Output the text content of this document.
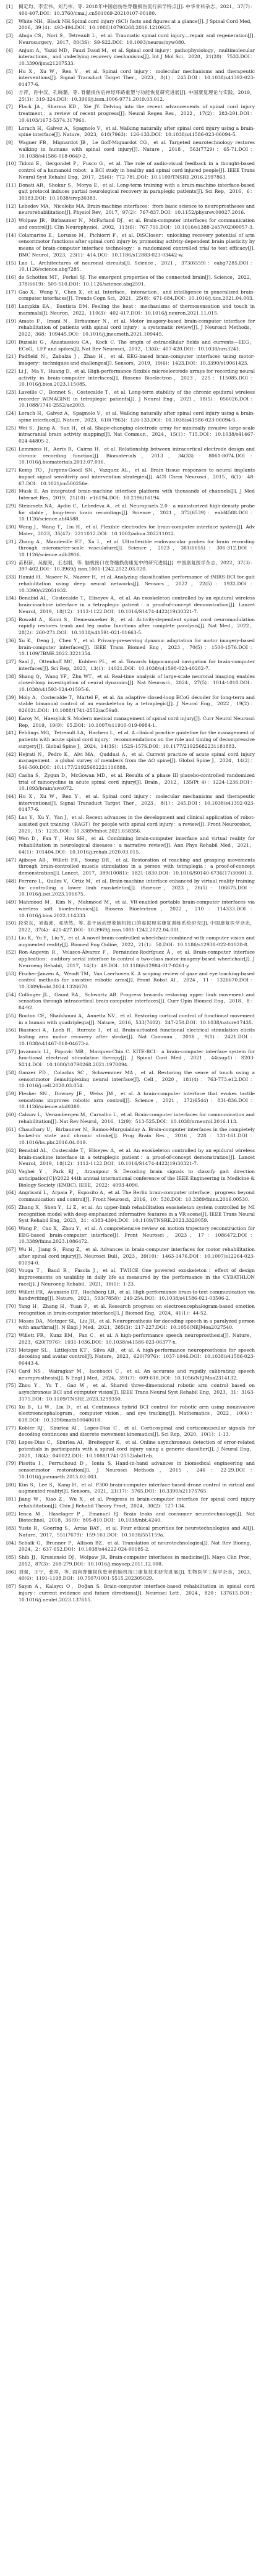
[1]	揭定均，李宏伟，刘乃伟，等. 2018年中国创伤性脊髓损伤流行病学特点[J]. 中华骨科杂志，2021，37(7)：401-407.DOI：10.3760/cma.j.cn501069-20210107-00180.
[2]	White NH，Black NH.Spinal cord injury (SCI) facts and figures at a glance[J]. J Spinal Cord Med，2016，39 (4)：493-494.DOI：10.1080/10790268.2016.1210925.
[3]	Ahuja CS，Nori S，Tetreault L，et al. Traumatic spinal cord injury—repair and regeneration[J]. Neurosurgery，2017，80(3S)：S9-S22.DOI：10.1093/neuros/nyw080.
[4]	Anjum A，Yazid MD，Fauzi Daud M，et al. Spinal cord injury：pathophysiology，multimolecular interactions，and underlying recovery mechanisms[J]. Int J Mol Sci，2020，21(20)：7533.DOI：10.3390/ijms21207533.
[5]	Hu X，Xu W，Ren Y，et al. Spinal cord injury：molecular mechanisms and therapeutic interventions[J]. Signal Transduct Target Ther，2023，8(1)：245.DOI：10.1038/s41392-023-01477-6.
[6]	方萍，肖中汉，孔晓璐，等. 脊髓损伤后神经环路重塑与功能恢复研究进展[J]. 中国康复理论与实践，2019，25(3)：319-324.DOI：10.3969/j.issn.1006-9771.2019.03.012.
[7]	Flack JA，Sharma KD，Xie JY. Delving into the recent advancements of spinal cord injury treatment：a review of recent progress[J]. Neural Regen Res，2022，17(2)：283-291.DOI：10.4103/1673-5374.317961.
[8]	Lorach H，Galvez A，Spagnolo V，et al. Walking naturally after spinal cord injury using a brain-spine interface[J]. Nature，2023，618(7963)：126-133.DOI：10.1038/s41586-023-06094-5.
[9]	Wagner FB，Mignardot JB，Le Goff-Mignardot CG，et al. Targeted neurotechnology restores walking in humans with spinal cord injury[J]. Nature，2018，563(7729)：65-71.DOI：10.1038/s41586-018-0649-2.
[10] Tidoni E，Gergondet P，Fusco G，et al. The role of audio-visual feedback in a thought-based control of a humanoid robot：a BCI study in healthy and spinal cord injured people[J]. IEEE Trans Neural Syst Rehabil Eng，2017，25(6)：772-781.DOI：10.1109/TNSRE.2016.2597863.
[11] Donati AR，Shokur S，Morya E，et al. Long-term training with a brain-machine interface-based gait protocol induces partial neurological recovery in paraplegic patients[J]. Sci Rep，2016，6：30383.DOI：10.1038/srep30383.
[12] Lebedev MA，Nicolelis MA. Brain-machine interfaces：from basic science to neuroprostheses and neurorehabilitation[J]. Physiol Rev，2017，97(2)：767-837.DOI：10.1152/physrev.00027.2016.
[13] Wolpaw JR，Birbaumer N，McFarland DJ，et al. Brain-computer interfaces for communication and control[J]. Clin Neurophysiol，2002，113(6)：767-791.DOI：10.1016/s1388-2457(02)00057-3.
[14] Colamarino E，Lorusso M，Pichiorri F，et al. DiSCIoser：unlocking recovery potential of arm sensorimotor functions after spinal cord injury by promoting activity-dependent brain plasticity by means of brain-computer interface technology：a randomized controlled trial to test efficacy[J]. BMC Neurol，2023，23(1)：414.DOI：10.1186/s12883-023-03442-w.
[15] Luo L. Architectures of neuronal circuits[J]. Science，2021，373(6559)：eabg7285.DOI：10.1126/science.abg7285.
[16] de Schotten MT，Forkel SJ. The emergent properties of the connected brain[J]. Science，2022，378(6619)：505-510.DOI：10.1126/science.abq2591.
[17] Gao X，Wang Y，Chen X，et al. Interface，interaction，and intelligence in generalized brain-computer interfaces[J]. Trends Cogn Sci，2021，25(8)：671-684.DOI：10.1016/j.tics.2021.04.003.
[18] Lumpkin EA，Bautista DM. Feeling the heat：mechanisms of thermosensation and touch in mammals[J]. Neuron，2022，110(3)：402-417.DOI：10.1016/j.neuron.2021.11.015.
[19] Amato F，Imani N，Birbaumer N，et al. Motor imagery-based brain-computer interface for rehabilitation of patients with spinal cord injury：a systematic review[J]. J Neurosci Methods，2022，368：109445.DOI：10.1016/j.jneumeth.2021.109445.
[20] Buzsáki G，Anastassiou CA，Koch C. The origin of extracellular fields and currents—EEG，ECoG，LFP and spikes[J]. Nat Rev Neurosci，2012，13(6)：407-420.DOI：10.1038/nrn3241.
[21] Padfield N，Zabalza J，Zhao H，et al. EEG-based brain-computer interfaces using motor-imagery：techniques and challenges[J]. Sensors，2019，19(6)：1423.DOI：10.3390/s19061423.
[22] Li J，Ma Y，Huang D，et al. High-performance flexible microelectrode arrays for recording neural activity in brain-computer interfaces[J]. Biosens Bioelectron，2023，225：115085.DOI：10.1016/j.bios.2023.115085.
[23] Laveille C，Bonnet S，Costecalde T，et al. Long-term stability of the chronic epidural wireless recorder WIMAGINE in tetraplegic patients[J]. J Neural Eng，2021，18(5)：056026.DOI：10.1088/1741-2552/ac2003.
[24] Lorach H，Galvez A，Spagnolo V，et al. Walking naturally after spinal cord injury using a brain-spine interface[J]. Nature，2023，618(7963)：126-133.DOI：10.1038/s41586-023-06094-5.
[25] Wei S，Jiang A，Sun H，et al. Shape-changing electrode array for minimally invasive large-scale intracranial brain activity mapping[J]. Nat Commun，2024，15(1)：715.DOI：10.1038/s41467-024-44805-2.
[26] Lemmens H，Aerts R，Cairns H，et al. Relationship between intracortical electrode design and chronic recording function[J]. Biomaterials，2013，34(33)：8061-8074.DOI：10.1016/j.biomaterials.2013.07.016.
[27] Kemp TO，Jurgens-Goodl SN，Vazquez AL，et al. Brain tissue responses to neural implants impact signal sensitivity and intervention strategies[J]. ACS Chem Neurosci，2015，6(1)：48-67.DOI：10.1021/cn500256e.
[28] Musk E. An integrated brain-machine interface platform with thousands of channels[J]. J Med Internet Res，2019，21(10)：e16194.DOI：10.2196/16194.
[29] Steinmetz NA，Aydin C，Lebedeva A，et al. Neuropixels 2.0：a miniaturized high-density probe for stable，long-term brain recordings[J]. Science，2021，372(6539)：eabf4588.DOI：10.1126/science.abf4588.
[30] Wang J，Wang T，Liu H，et al. Flexible electrodes for brain-computer interface system[J]. Adv Mater，2023，35(47)：2211012.DOI：10.1002/adma.202211012.
[31] Zhang A，Mandeville ET，Xu L，et al. Ultraflexible endovascular probes for brain recording through micrometer-scale vasculature[J]. Science，2023，381(6655)：306-312.DOI：10.1126/science.adh3916.
[32] 苗积新，吴振宽，王志刚，等. 脑机接口在脊髓损伤康复中的研究进展[J]. 中国康复医学杂志，2022，37(3)：397-402.DOI：10.3969/j.issn.1001-1242.2022.03.020.
[33] Hamid H，Naseer N，Nazeer H，et al. Analyzing classification performance of fNIRS-BCI for gait rehabilitation using deep neural networks[J]. Sensors，2022，22(5)：1932.DOI：10.3390/s22051932.
[34] Benabid AL，Costecalde T，Eliseyev A，et al. An exoskeleton controlled by an epidural wireless brain-machine interface in a tetraplegic patient：a proof-of-concept demonstration[J]. Lancet Neurol，2019，18(12)：1112-1122.DOI：10.1016/S1474-4422(19)30321-7.
[35] Rowald A，Komi S，Demesmaeker R，et al. Activity-dependent spinal cord neuromodulation rapidly restores trunk and leg motor functions after complete paralysis[J]. Nat Med，2022，28(2)：260-271.DOI：10.1038/s41591-021-01663-5.
[36] Xu K，Deng J，Chen Y，et al. Privacy-preserving dynamic adaptation for motor imagery-based brain-computer interfaces[J]. IEEE Trans Biomed Eng，2023，70(5)：1500-1576.DOI：10.1109/TBME.2022.3221354.
[37] Saal J，Ottenhoff MC，Kubben PL，et al. Towards hippocampal navigation for brain-computer interfaces[J]. Sci Rep，2023，13(1)：14021.DOI：10.1038/s41598-023-40282-7.
[38] Shang Q，Wang YF，Zhu WT，et al. Real-time analysis of large-scale neuronal imaging enables closed-loop investigation of neural dynamics[J]. Nat Neurosci，2024，27(5)：1014-1018.DOI：10.1038/s41593-024-01595-6.
[39] Moly A，Costecalde T，Martel F，et al. An adaptive closed-loop ECoG decoder for long-term and stable bimanual control of an exoskeleton by a tetraplegic[J]. J Neural Eng，2022，19(2)：026021.DOI：10.1088/1741-2552/ac59a0.
[40] Karoy M，Haesyluk S. Modern medical management of spinal cord injury[J]. Curr Neurol Neurosci Rep，2019，19(9)：65.DOI：10.1007/s11910-019-0984-1.
[41] Fehlings MG，Tetreault LA，Hachem L，et al. A clinical practice guideline for the management of patients with acute spinal cord injury：recommendations on the role and timing of decompressive surgery[J]. Global Spine J，2024，14(3S)：152S-157S.DOI：10.1177/21925682231181883.
[42] Hejrati N，Pedro K，Alvi MA，Quddusi A，et al. Current practice of acute spinal cord injury management：a global survey of members from the AO spine[J]. Global Spine J，2024，14(2)：546-560.DOI：10.1177/21925682221116888.
[43] Casha S，Zygun D，McGowan MD，et al. Results of a phase III placebo-controlled randomized trial of minocycline in acute spinal cord injury[J]. Brain，2012，135(Pt 4)：1224-1236.DOI：10.1093/brain/aws072.
[44] Hu X，Xu W，Ren Y，et al. Spinal cord injury：molecular mechanisms and therapeutic interventions[J]. Signal Transduct Target Ther，2023，8(1)：245.DOI：10.1038/s41392-023-01477-6.
[45] Luo Y，Xu Y，Yan J，et al. Recent advances in the development and clinical application of robot-assisted gait training（RAGT）for people with spinal cord injury：a review[J]. Front Neurorobot，2021，15：1235.DOI：10.3389/fnbot.2021.658356.
[46] Wen D，Fan Y，Hsu SH，et al. Combining brain-computer interface and virtual reality for rehabilitation in neurological diseases：a narrative review[J]. Ann Phys Rehabil Med，2021，64(1)：101404.DOI：10.1016/j.rehab.2020.03.015.
[47] Ajiboye AB，Willett FR，Young DR，et al. Restoration of reaching and grasping movements through brain-controlled muscle stimulation in a person with tetraplegia：a proof-of-concept demonstration[J]. Lancet，2017，389(10081)：1821-1830.DOI：10.1016/S0140-6736(17)30601-3.
[48] Ferrero L，Quiles V，Ortiz M，et al. Brain-machine interface enhanced by virtual reality training for controlling a lower limb exoskeleton[J]. iScience，2023，26(5)：106675.DOI：10.1016/j.isci.2023.106675.
[49] Mahmood M，Kim N，Mahmood M，et al. VR-enabled portable brain-computer interfaces via wireless soft bioelectronics[J]. Biosens Bioelectron，2022，210：114333.DOI：10.1016/j.bios.2022.114333.
[50] 段荣东，刘海波，邓浩然，等. 基于运动想象脑机接口的虚拟现实康复训练系统研究[J]. 中国康复医学杂志，2022，37(4)：421-427.DOI：10.3969/j.issn.1001-1242.2022.04.001.
[51] Liu K，Yu Y，Liu Y，et al. A novel brain-controlled wheelchair combined with computer vision and augmented reality[J]. Biomed Eng Online，2022，21(1)：50.DOI：10.1186/s12938-022-01020-8.
[52] Ron-Angevin R，Velasco-Álvarez F，Fernández-Rodríguez Á，et al. Brain-computer interface application：auditory serial interface to control a two-class motor-imagery-based wheelchair[J]. J Neuroeng Rehabil，2017，14(1)：49.DOI：10.1186/s12984-017-0261-y.
[53] Fischer-Janzen A，Wendt TM，Van Laerhoven K. A scoping review of gaze and eye tracking-based control methods for assistive robotic arms[J]. Front Robot AI，2024，11：1326670.DOI：10.3389/frobt.2024.1326670.
[54] Collinger JL，Gaunt RA，Schwartz AB. Progress towards restoring upper limb movement and sensation through intracortical brain-computer interfaces[J]. Curr Opin Biomed Eng，2018，8：84-92.
[55] Bouton CE，Shaikhouni A，Annetta NV，et al. Restoring cortical control of functional movement in a human with quadriplegia[J]. Nature，2016，533(7602)：247-250.DOI：10.1038/nature17435.
[56] Biasiucci A，Leeb R，Iturrate I，et al. Brain-actuated functional electrical stimulation elicits lasting arm motor recovery after stroke[J]. Nat Commun，2018，9(1)：2421.DOI：10.1038/s41467-018-04673-z.
[57] Jovanovic LI，Popovic MR，Marquez-Chin C. KITE-BCI：a brain-computer interface system for functional electrical stimulation therapy[J]. J Spinal Cord Med，2021，44(sup1)：S203-S214.DOI：10.1080/10790268.2021.1970894.
[58] Ganzer PD，Colachis SC，Schwemmer MA，et al. Restoring the sense of touch using a sensorimotor demultiplexing neural interface[J]. Cell，2020，181(4)：763-773.e12.DOI：10.1016/j.cell.2020.03.054.
[59] Flesher SN，Downey JE，Weiss JM，et al. A brain-computer interface that evokes tactile sensations improves robotic arm control[J]. Science，2021，372(6544)：831-836.DOI：10.1126/science.abd0380.
[60] Cahsov L，Versonbergen M，Carvalho L，et al. Brain-computer interfaces for communication and rehabilitation[J]. Nat Rev Neurol，2016，12(9)：513-525.DOI：10.1038/nrneurol.2016.113.
[61] Chaudhary U，Birbaumer N，Ramos-Murguialday A. Brain-computer interfaces in the completely locked-in state and chronic stroke[J]. Prog Brain Res，2016，228：131-161.DOI：10.1016/bs.pbr.2016.04.019.
[62] Benabid AL，Costecalde T，Eliseyev A，et al. An exoskeleton controlled by an epidural wireless brain-machine interface in a tetraplegic patient：a proof-of-concept demonstration[J]. Lancet Neurol，2019，18(12)：1112-1122.DOI：10.1016/S1474-4422(19)30321-7.
[63] Vaghei Y，Park EJ，Arzanpour S. Decoding brain signals to classify gait direction anticipation[C]//2022 44th annual international conference of the IEEE Engineering in Medicine & Biology Society (EMBC). IEEE，2022：4093-4096.
[64] Angrisani L，Arpaia P，Esposito A，et al. The Berlin brain-computer interface：progress beyond communication and control[J]. Front Neurosci，2016，10：530.DOI：10.3389/fnins.2016.00530.
[65] Zhang X，Shen Y，Li Z，et al. An upper-limb rehabilitation exoskeleton system controlled by MI recognition model with deep emphasized informative features in a VR scene[J]. IEEE Trans Neural Syst Rehabil Eng，2023，31：4383-4394.DOI：10.1109/TNSRE.2023.3329059.
[66] Wang P，Cao X，Zhou Y，et al. A comprehensive review on motion trajectory reconstruction for EEG-based brain-computer interface[J]. Front Neurosci，2023，17：1086472.DOI：10.3389/fnins.2023.1086472.
[67] Wu H，Jiang S，Fang Z，et al. Advances in brain-computer interfaces for motor rehabilitation after spinal cord injury[J]. Neurosci Bull，2023，39(10)：1463-1476.DOI：10.1007/s12264-023-01094-0.
[68] Vouga T，Baud R，Fasola J，et al. TWIICE One powered exoskeleton：effect of design improvements on usability in daily life as measured by the performance in the CYBATHLON race[J]. J Neuroeng Rehabil，2021，18(1)：1-23.
[69] Willett FR，Avansino DT，Hochberg LR，et al. High-performance brain-to-text communication via handwriting[J]. Nature，2021，593(7858)：249-254.DOI：10.1038/s41586-021-03506-2.
[70] Yang H，Zhang H，Yuan F，et al. Research progress on electroencephalogram-based emotion recognition in brain-computer interface[J]. J Biomed Eng，2024，41(1)：44-52.
[71] Moses DA，Metzger SL，Liu JR，et al. Neuroprosthesis for decoding speech in a paralyzed person with anarthria[J]. N Engl J Med，2021，385(3)：217-227.DOI：10.1056/NEJMoa2027540.
[72] Willett FR，Kunz EM，Fan C，et al. A high-performance speech neuroprosthesis[J]. Nature，2023，620(7976)：1031-1036.DOI：10.1038/s41586-023-06377-x.
[73] Metzger SL，Littlejohn KT，Silva AB，et al. A high-performance neuroprosthesis for speech decoding and avatar control[J]. Nature，2023，620(7976)：1037-1046.DOI：10.1038/s41586-023-06443-4.
[74] Card NS，Wairagkar M，Iacobacci C，et al. An accurate and rapidly calibrating speech neuroprosthesis[J]. N Engl J Med，2024，391(7)：609-618.DOI：10.1056/NEJMoa2314132.
[75] Zhou Y，Yu T，Gao W，et al. Shared three-dimensional robotic arm control based on asynchronous BCI and computer vision[J]. IEEE Trans Neural Syst Rehabil Eng，2023，31：3163-3175.DOI：10.1109/TNSRE.2023.3299350.
[76] Xu B，Li W，Liu D，et al. Continuous hybrid BCI control for robotic arm using noninvasive electroencephalogram，computer vision，and eye tracking[J]. Mathematics，2022，10(4)：618.DOI：10.3390/math10040618.
[77] Kobler RJ，Sburlea AI，Lopes-Dias C，et al. Corticospinal and corticomuscular signals for decoding continuous and discrete movement kinematics[J]. Sci Rep，2020，10(1)：1-13.
[78] Lopes-Dias C，Sburlea AI，Breitegger K，et al. Online asynchronous detection of error-related potentials in participants with a spinal cord injury using a generic classifier[J]. J Neural Eng，2021，18(4)：046022.DOI：10.1088/1741-2552/abd1eb.
[79] Pisotta I，Perruchoud D，Ionta S. Hand-in-hand advances in biomedical engineering and sensorimotor restoration[J]. J Neurosci Methods，2015，246：22-29.DOI：10.1016/j.jneumeth.2015.03.003.
[80] Kim S，Lee S，Kang H，et al. P300 brain-computer interface-based drone control in virtual and augmented reality[J]. Sensors，2021，21(17)：5765.DOI：10.3390/s21175765.
[81] Jiang W，Xiao Z，Wu X，et al. Progress in brain-computer interface for spinal cord injury rehabilitation[J]. Chin J Rehabil Theory Pract，2024，30(2)：127-134.
[82] Ienca M，Haselager P，Emanuel EJ. Brain leaks and consumer neurotechnology[J]. Nat Biotechnol，2018，36(9)：805-810.DOI：10.1038/nbt.4240.
[83] Yuste R，Goering S，Arcas BAY，et al. Four ethical priorities for neurotechnologies and AI[J]. Nature，2017，551(7679)：159-163.DOI：10.1038/551159a.
[84] Schalk G，Brunner P，Allison BZ，et al. Translation of neurotechnologies[J]. Nat Rev Bioeng，2024，2：637-652.DOI：10.1038/s44222-024-00185-2.
[85] Shih JJ，Krusienski DJ，Wolpaw JR. Brain-computer interfaces in medicine[J]. Mayo Clin Proc，2012，87(3)：268-279.DOI：10.1016/j.mayocp.2011.12.008.
[86] 刘强，王宁，张祥，等. 面向脊髓损伤患者的脑机接口康复技术研究进展[J]. 生物医学工程学杂志，2023，40(6)：1191-1198.DOI：10.7507/1001-5515.202305029.
[87] Sayın A，Kalaycı O，Doğan S. Brain-computer interface-based rehabilitation in spinal cord injury：current evidence and future directions[J]. Neurosci Lett，2024，820：137615.DOI：10.1016/j.neulet.2023.137615.
